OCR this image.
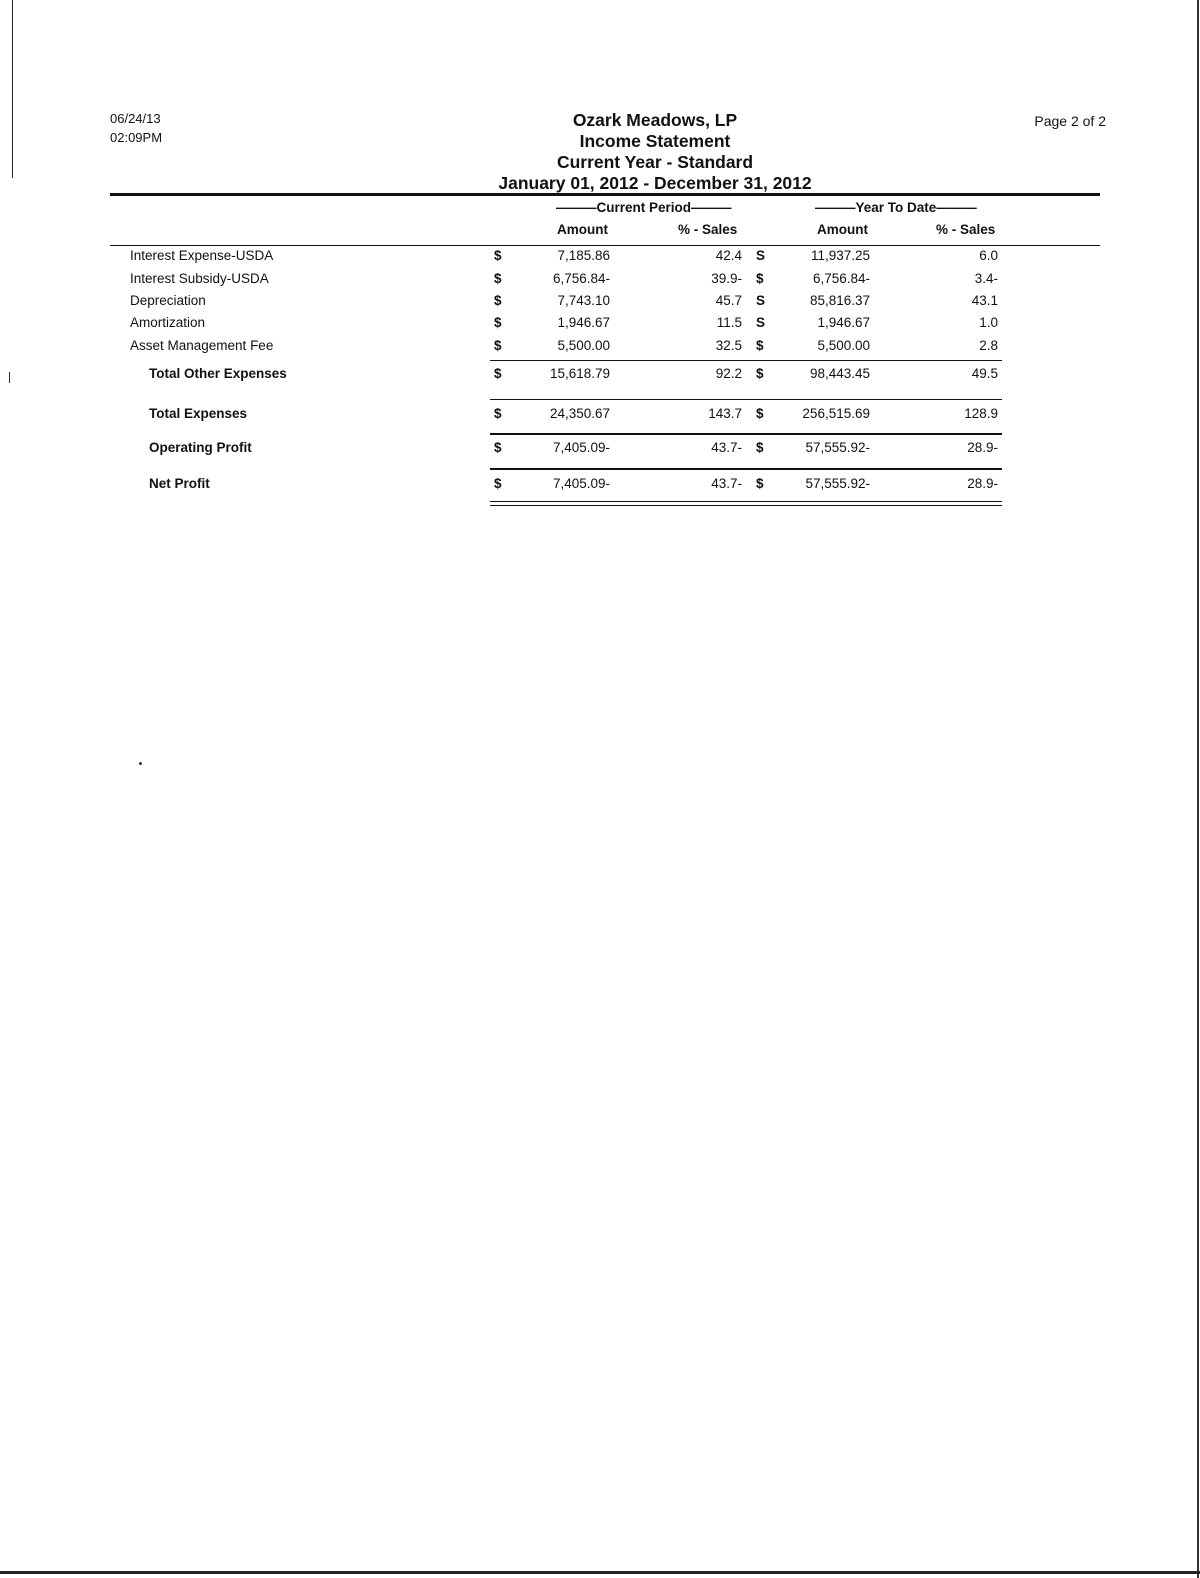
06/24/13
02:09PM
Page 2 of 2
Ozark Meadows, LP
Income Statement
Current Year - Standard
January 01, 2012 - December 31, 2012
———Current Period———	———Year To Date———
Amount	% - Sales	Amount	% - Sales
Interest Expense-USDA	$	7,185.86	42.4 S	11,937.25	6.0
Interest Subsidy-USDA	$	6,756.84-	39.9- $	6,756.84-	3.4-
Depreciation	$	7,743.10	45.7 S	85,816.37	43.1
Amortization	$	1,946.67	11.5 S	1,946.67	1.0
Asset Management Fee	$	5,500.00	32.5 $	5,500.00	2.8
Total Other Expenses	$	15,618.79	92.2 $	98,443.45	49.5
Total Expenses	$	24,350.67	143.7 $	256,515.69	128.9
Operating Profit	$	7,405.09-	43.7- $	57,555.92-	28.9-
Net Profit	$	7,405.09-	43.7- $	57,555.92-	28.9-
